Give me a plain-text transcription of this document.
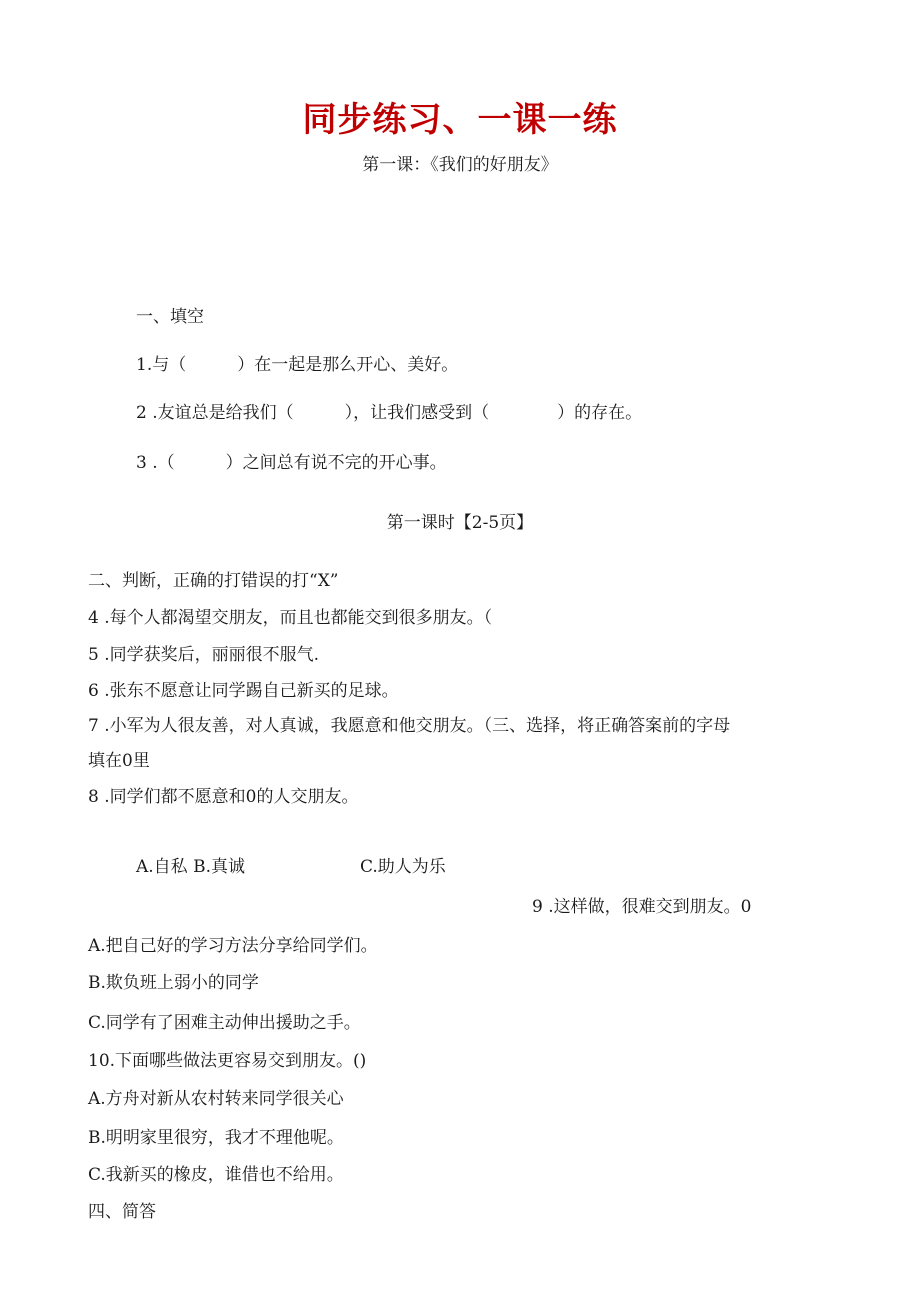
同步练习、一课一练
第一课：《我们的好朋友》
一、填空
1.与（　　　）在一起是那么开心、美好。
2 .友谊总是给我们（　　　），让我们感受到（　　　　）的存在。
3 .（　　　）之间总有说不完的开心事。
第一课时【2-5页】
二、判断，正确的打错误的打“X”
4 .每个人都渴望交朋友，而且也都能交到很多朋友。（
5 .同学获奖后，丽丽很不服气.
6 .张东不愿意让同学踢自己新买的足球。
7 .小军为人很友善，对人真诚，我愿意和他交朋友。（三、选择，将正确答案前的字母
填在0里
8 .同学们都不愿意和0的人交朋友。
A.自私 B.真诚	C.助人为乐
9 .这样做，很难交到朋友。0
A.把自己好的学习方法分享给同学们。
B.欺负班上弱小的同学
C.同学有了困难主动伸出援助之手。
10.下面哪些做法更容易交到朋友。()
A.方舟对新从农村转来同学很关心
B.明明家里很穷，我才不理他呢。
C.我新买的橡皮，谁借也不给用。
四、简答
